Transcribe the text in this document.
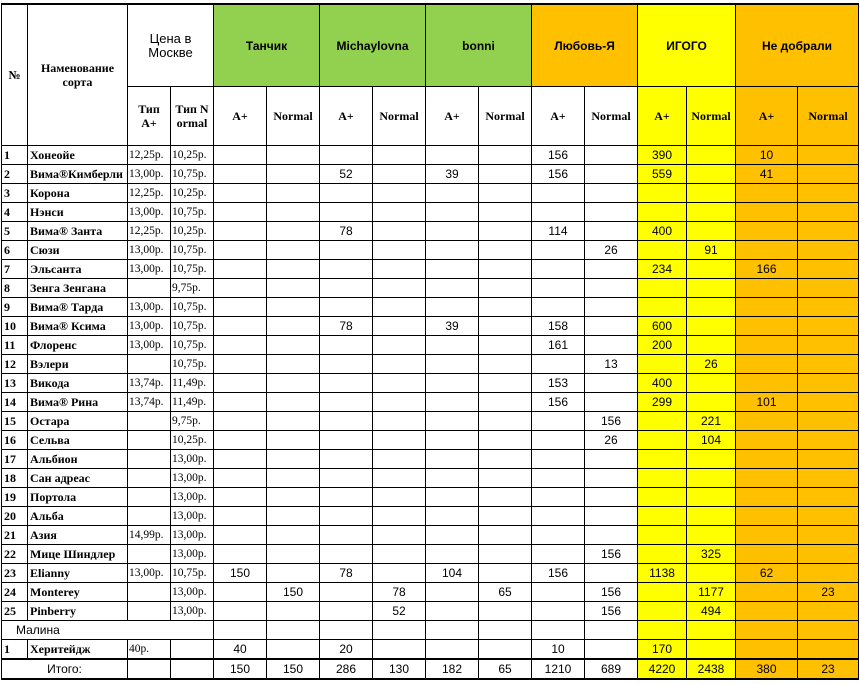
№	Наменование сорта	Цена в Москве		Танчик		Michaylovna		bonni		Любовь-Я		ИГОГО		Не добрали	
		Тип А+	Тип Normal	А+	Normal	А+	Normal	А+	Normal	А+	Normal	А+	Normal	А+	Normal
1	Хонеойе	12,25р.	10,25р.							156		390		10	
2	Вима®Кимберли	13,00р.	10,75р.			52		39		156		559		41	
3	Корона	12,25р.	10,25р.												
4	Нэнси	13,00р.	10,75р.												
5	Вима® Занта	12,25р.	10,25р.			78				114		400			
6	Сюзи	13,00р.	10,75р.								26		91		
7	Эльсанта	13,00р.	10,75р.									234		166	
8	Зенга Зенгана		9,75р.												
9	Вима® Тарда	13,00р.	10,75р.												
10	Вима® Ксима	13,00р.	10,75р.			78		39		158		600			
11	Флоренс	13,00р.	10,75р.							161		200			
12	Вэлери		10,75р.								13		26		
13	Викода	13,74р.	11,49р.							153		400			
14	Вима® Рина	13,74р.	11,49р.							156		299		101	
15	Остара		9,75р.								156		221		
16	Сельва		10,25р.								26		104		
17	Альбион		13,00р.												
18	Сан адреас		13,00р.												
19	Портола		13,00р.												
20	Альба		13,00р.												
21	Азия	14,99р.	13,00р.												
22	Мице Шиндлер		13,00р.								156		325		
23	Elianny	13,00р.	10,75р.	150		78		104		156		1138		62	
24	Monterey		13,00р.		150		78		65		156		1177		23
25	Pinberry		13,00р.				52				156		494		
Малина															
1	Херитейдж	40р.		40		20				10		170			
Итого:				150	150	286	130	182	65	1210	689	4220	2438	380	23
